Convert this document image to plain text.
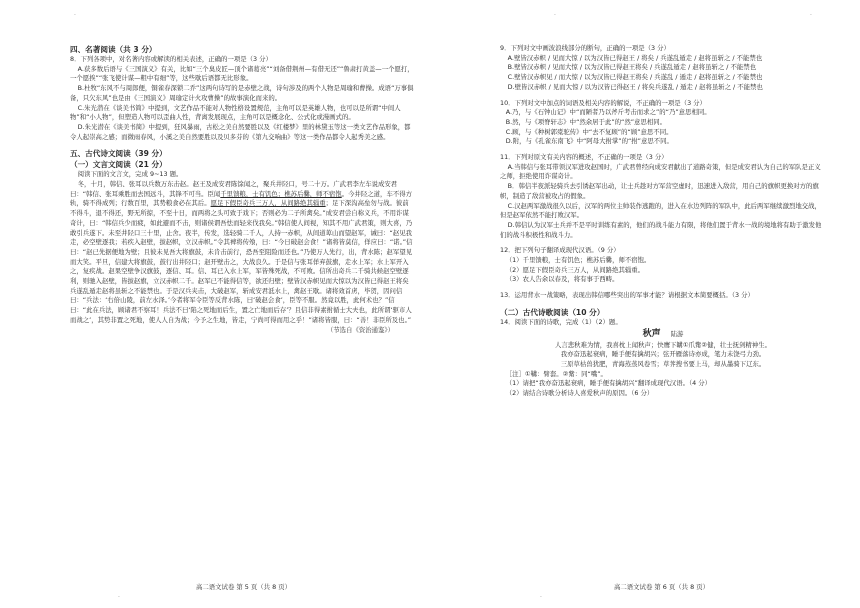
四、名著阅读（共 3 分）

8．下列各项中，对名著内容或解读的相关表述，正确的一项是（3 分）

A.获多数后语与《三国演义》有关，比如“三个臭皮匠—顶个诸葛亮”“刘备借荆州—有借无还”“鲁肃打黄盖—一个愿打，一个愿挨”“张飞使计谋—粗中有细”等，这些歇后语都无比形象。

B.杜牧“东风不与周郎便，铜雀春深锁二乔”这两句诗写的是赤壁之战，诗句涉及的两个人物是周瑜和曹操。成语“万事俱备，只欠东风”也是由《三国演义》周瑜定计火攻曹操”的故事演化而来的。

C.朱光潜在《谈美书简》中提到，文艺作品不能对人物性格设置规范，主角可以是英雄人物，也可以是所谓“中间人物”和“小人物”，但塑造人物可以歪曲人性，背离发展现点，主角可以是概念化、公式化或漫画式的。

D.朱光潜在《谈美书简》中提到，狂风暴雨，古松之美自然要胜以及《红楼梦》里的林黛玉等这一类文艺作品形象，都令人起崇高之感；而微雨春风，小溪之美自然要胜以及贝多芬的《第九交响曲》等这一类作品都令人起秀美之感。

五、古代诗文阅读（39 分）

（一）文言文阅读（21 分）

阅读下面的文言文，完成 9~13 题。

冬，十月，韩信、张耳以兵数万东击赵。赵王及成安君陈馀闻之，聚兵井陉口，号二十万。广武君李左车说成安君曰：“韩信、张耳乘胜而去国远斗，其锋不可当。臣闻千里馈粮，士有饥色；樵苏后爨，师不宿饱。今井陉之道，车不得方轨，骑不得成列；行数百里，其势粮食必在其后。愿足下假臣奇兵三万人，从间路绝其辎重；足下深沟高垒勿与战。彼前不得斗，退不得还，野无所掠，不至十日，而两将之头可致于戏下；否则必为二子所禽矣。”成安君尝自称义兵，不用诈谋奇计，曰：“韩信兵少而疲，如此避而不击，则诸侯谓吾怯而轻来伐我矣。”韩信使人间视，知其不用广武君策，则大喜，乃敢引兵遂下。未至井陉口三十里，止舍。夜半，传发，选轻骑二千人，人持一赤帜，从间道萆山而望赵军，诫曰：“赵见我走，必空壁逐我；若疾入赵壁，拔赵帜，立汉赤帜。”令其裨将传飧，曰：“今日破赵会食！”诸将皆莫信，佯应曰：“诺。”信曰：“赵已先据便地为壁；且彼未见吾大将旗鼓，未肯击前行，恐吾至阻险而还也。”乃使万人先行，出，背水陈；赵军望见而大笑。平旦，信建大将旗鼓，鼓行出井陉口；赵开壁击之，大战良久。于是信与张耳佯弃鼓旗，走水上军；水上军开入之，复疾战。赵果空壁争汉旗鼓，逐信、耳。信、耳已入水上军，军皆殊死战，不可败。信所出奇兵二千骑共候赵空壁逐利，则驰入赵壁，皆拔赵旗，立汉赤帜二千。赵军已不能得信等，欲还归壁；壁皆汉赤帜见而大惊以为汉皆已得赵王将矣兵遂乱遁走赵将虽斩之不能禁也。于是汉兵夹击，大破赵军，斩成安君泜水上，禽赵王歇。诸将效首虏，毕贺，因问信曰：“兵法：‘右倍山陵，前左水泽。’今者将军令臣等反背水陈，曰‘破赵会食’，臣等不服。然竟以胜，此何术也？”信曰：“此在兵法，顾诸君不察耳！兵法不曰‘陷之死地而后生，置之亡地而后存’？且信非得素拊循士大夫也，此所谓‘驱市人而战之’，其势非置之死地，使人人自为战；今予之生地，皆走，宁尚可得而用之乎！”诸将皆服，曰：“善！非臣所及也。”

（节选自《资治通鉴》）

9．下列对文中画波浪线部分的断句，正确的一项是（3 分）

A.壁皆汉赤帜 / 见而大惊 / 以为汉皆已得赵王 / 将矣 / 兵遂乱遁走 / 赵将虽斩之 / 不能禁也

B.壁皆汉赤帜 / 见而大惊 / 以为汉皆已得赵王将矣 / 兵遂乱遁走 / 赵将虽斩之 / 不能禁也

C.壁皆汉赤帜见 / 而大惊 / 以为汉皆已得赵王将矣 / 兵遂乱 / 遁走 / 赵将虽斩之 / 不能禁也

D.壁皆汉赤帜 / 见而大惊 / 以为汉皆已得赵王 / 将矣兵遂乱 / 遁走 / 赵将虽斩之 / 不能禁也

10．下列对文中加点的词语及相关内容的解说，不正确的一项是（3 分）

A.乃，与《石钟山记》中“而陋者乃以斧斤考击而求之”的“乃”意思相同。

B.然，与《项脊轩志》中“然余居于此”的“然”意思相同。

C.顾，与《种树郭橐驼传》中“去不复顾”的“顾”意思不同。

D.附，与《孔雀东南飞》中“阿母大拊掌”的“拊”意思不同。

11．下列对原文有关内容的概述，不正确的一项是（3 分）

A.当韩信与张耳带领汉军进攻赵国时，广武君曾经向成安君献出了道路奇策，但是成安君认为自己的军队是正义之师，拒绝使用诈谋奇计。

B．韩信半夜派轻骑兵去引诱赵军出动，让士兵趁对方军营空虚时，迅速进入敌营，用自己的旗帜更换对方的旗帜，制造了敌营被攻占的假象。

C.汉赵两军激战很久以后，汉军的两位主帅装作逃跑的，进入在水边列阵的军队中，此后两军继续激烈地交战，但是赵军依然不能打败汉军。

D.韩信认为汉军士兵并不是平时训练有素的，他们的战斗能力有限，将他们置于背水一战的境地将有助于激发他们的战斗积极性和战斗力。

12．把下列句子翻译成现代汉语。（9 分）

（1）千里馈粮，士有饥色；樵苏后爨，师不宿饱。

（2）愿足下假臣奇兵三万人，从间路绝其辎重。

（3）农人告余以春及，将有事于西畴。

13．运用背水一战策略，表现出韩信哪些突出的军事才能？请根据文本简要概括。（3 分）

（二）古代诗歌阅读（10 分）

14．阅读下面的诗歌，完成（1）（2）题。

秋声 陆游

人言悲秋难为情，我喜枕上闻秋声；快鹰下韝①爪觜②健，壮士抚剑精神生。

我亦奋迅起衰病，睡手便有擒胡兴；弦开雁落诗亦成，笔力未饶弓力劲。

三原草枯兽犹肥，青海蒸蒸风卷雪；草荠搜书要上马，却从墨骑下辽东。

［注］①鞲：臂套。②觜：同“嘴”。

（1）请把“我亦奋迅起衰病，睡手便有擒胡兴”翻译成现代汉语。（4 分）

（2）请结合诗歌分析诗人喜爱秋声的原因。（6 分）

高二语文试卷 第 5 页（共 8 页）	高二语文试卷 第 6 页（共 8 页）
·	·	·
·	·
